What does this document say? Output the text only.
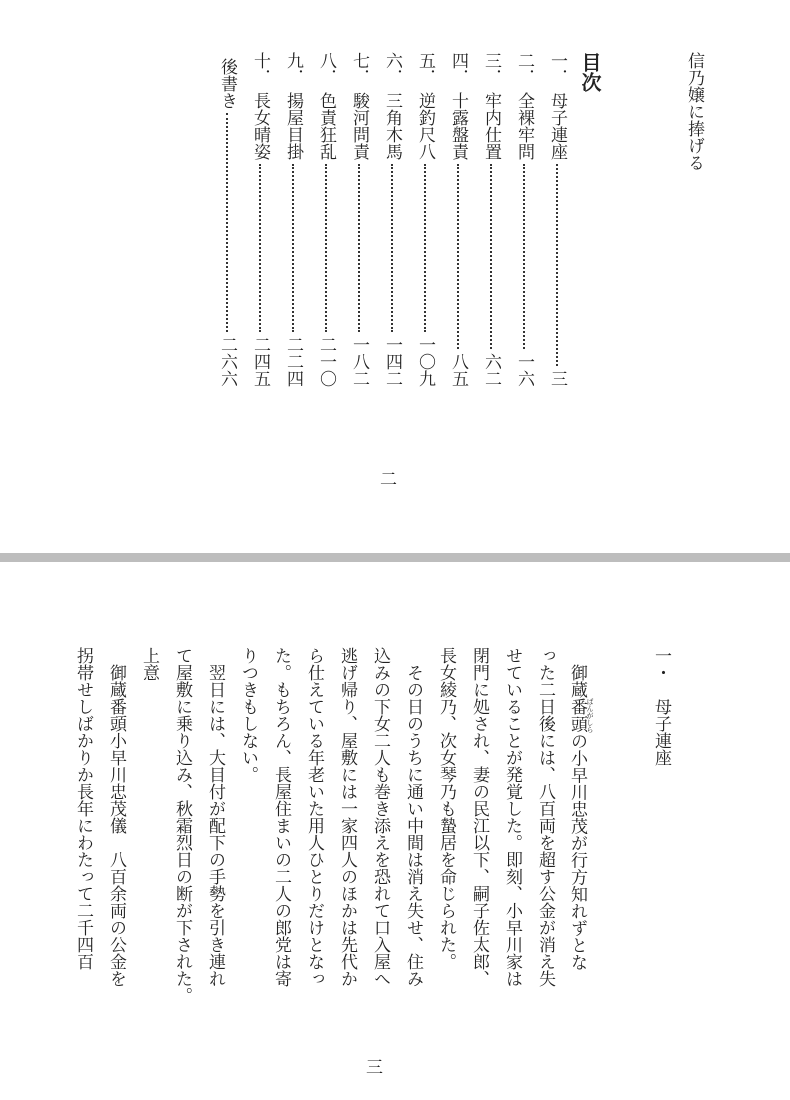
信乃嬢に捧げる
目次
一．
母子連座
三
二．
全裸牢問
一六
三．
牢内仕置
六二
四．
十露盤責
八五
五．
逆釣尺八
一〇九
六．
三角木馬
一四二
七．
駿河問責
一八二
八．
色責狂乱
二一〇
九．
揚屋目掛
二二四
十．
長女晴姿
二四五
後書き
二六六
二
三
一・　母子連座
御蔵番頭 ばんがしらの小早川忠茂が行方知れずとな
った二日後には、八百両を超す公金が消え失
せていることが発覚した。即刻、小早川家は
閉門に処され、妻の民江以下、嗣子佐太郎、
長女綾乃、次女琴乃も蟄居を命じられた。
その日のうちに通い中間は消え失せ、住み
込みの下女二人も巻き添えを恐れて口入屋へ
逃げ帰り、屋敷には一家四人のほかは先代か
ら仕えている年老いた用人ひとりだけとなっ
た。もちろん、長屋住まいの二人の郎党は寄
りつきもしない。
翌日には、大目付が配下の手勢を引き連れ
て屋敷に乗り込み、秋霜烈日の断が下された。
上意
御蔵番頭小早川忠茂儀　八百余両の公金を
拐帯せしばかりか長年にわたって二千四百
